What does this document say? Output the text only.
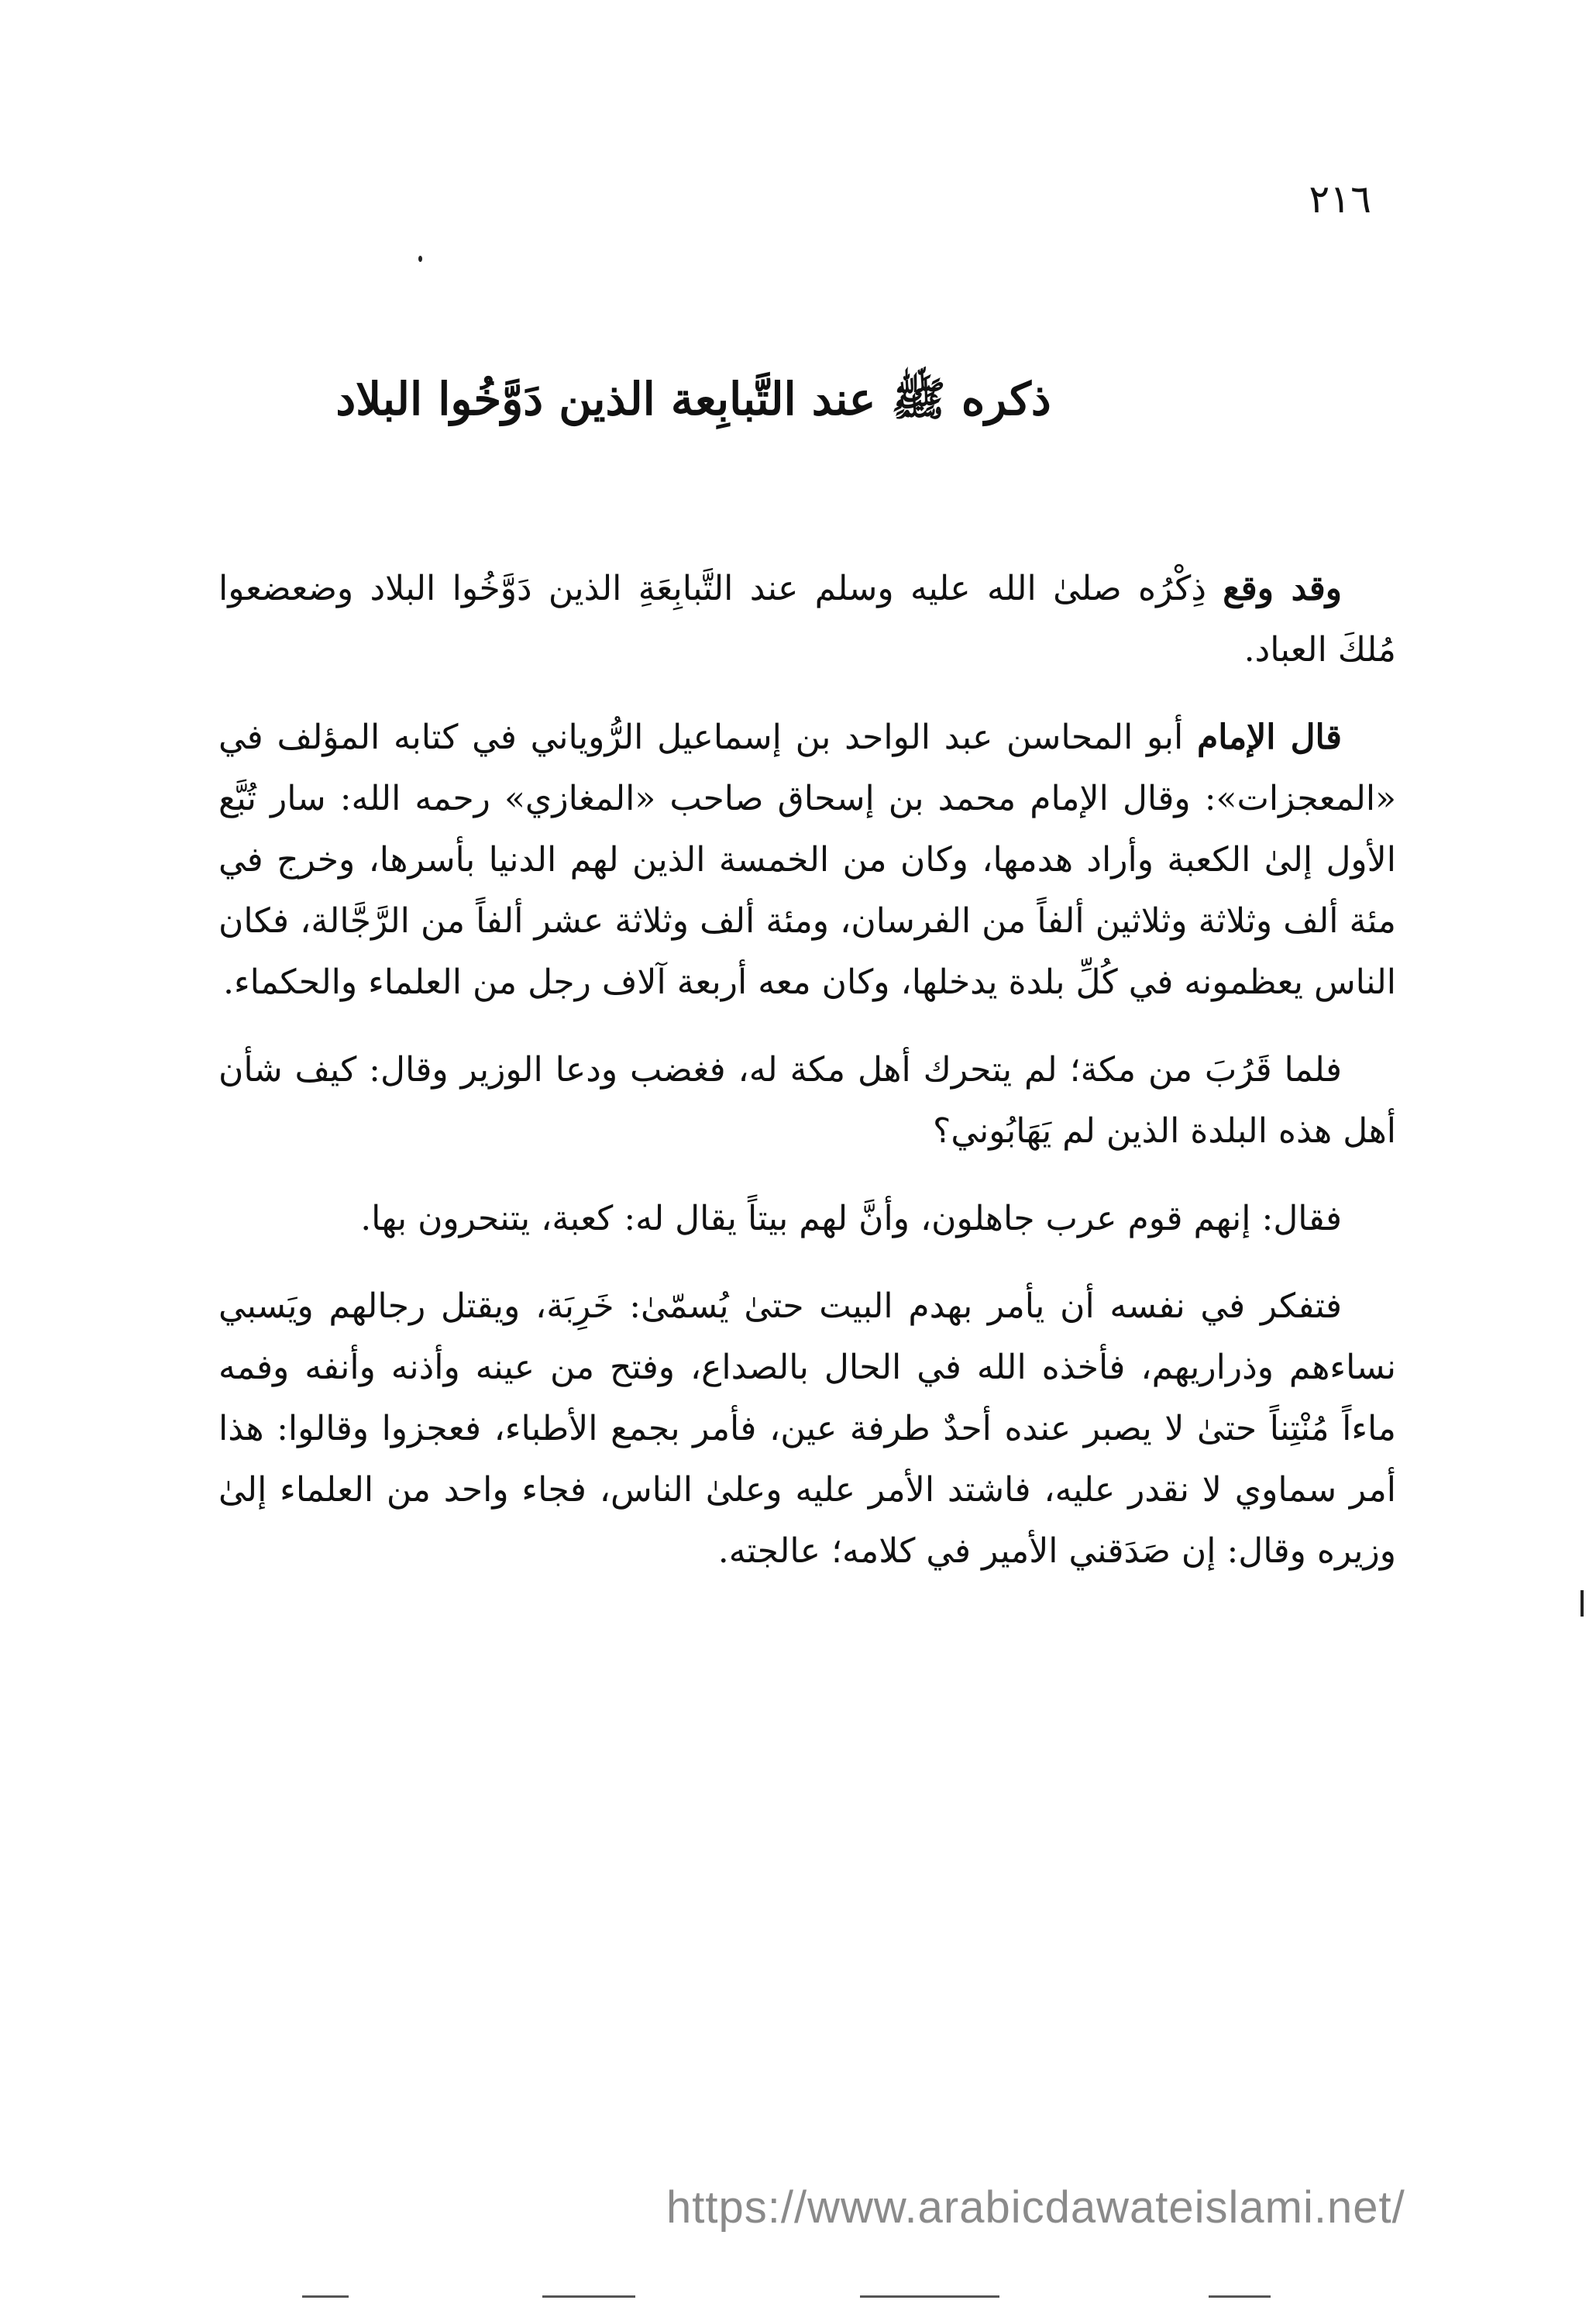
٢١٦
ذكره ﷺ عند التَّبابِعة الذين دَوَّخُوا البلاد

وقد وقع ذِكْرُه صلىٰ الله عليه وسلم عند التَّبابِعَةِ الذين دَوَّخُوا البلاد وضعضعوا مُلكَ العباد.

قال الإمام أبو المحاسن عبد الواحد بن إسماعيل الرُّوياني في كتابه المؤلف في «المعجزات»: وقال الإمام محمد بن إسحاق صاحب «المغازي» رحمه الله: سار تُبَّع الأول إلىٰ الكعبة وأراد هدمها، وكان من الخمسة الذين لهم الدنيا بأسرها، وخرج في مئة ألف وثلاثة وثلاثين ألفاً من الفرسان، ومئة ألف وثلاثة عشر ألفاً من الرَّجَّالة، فكان الناس يعظمونه في كُلِّ بلدة يدخلها، وكان معه أربعة آلاف رجل من العلماء والحكماء.

فلما قَرُبَ من مكة؛ لم يتحرك أهل مكة له، فغضب ودعا الوزير وقال: كيف شأن أهل هذه البلدة الذين لم يَهَابُوني؟

فقال: إنهم قوم عرب جاهلون، وأنَّ لهم بيتاً يقال له: كعبة، يتنحرون بها.

فتفكر في نفسه أن يأمر بهدم البيت حتىٰ يُسمّىٰ: خَرِبَة، ويقتل رجالهم ويَسبي نساءهم وذراريهم، فأخذه الله في الحال بالصداع، وفتح من عينه وأذنه وأنفه وفمه ماءاً مُنْتِناً حتىٰ لا يصبر عنده أحدٌ طرفة عين، فأمر بجمع الأطباء، فعجزوا وقالوا: هذا أمر سماوي لا نقدر عليه، فاشتد الأمر عليه وعلىٰ الناس، فجاء واحد من العلماء إلىٰ وزيره وقال: إن صَدَقني الأمير في كلامه؛ عالجته.

https://www.arabicdawateislami.net/
